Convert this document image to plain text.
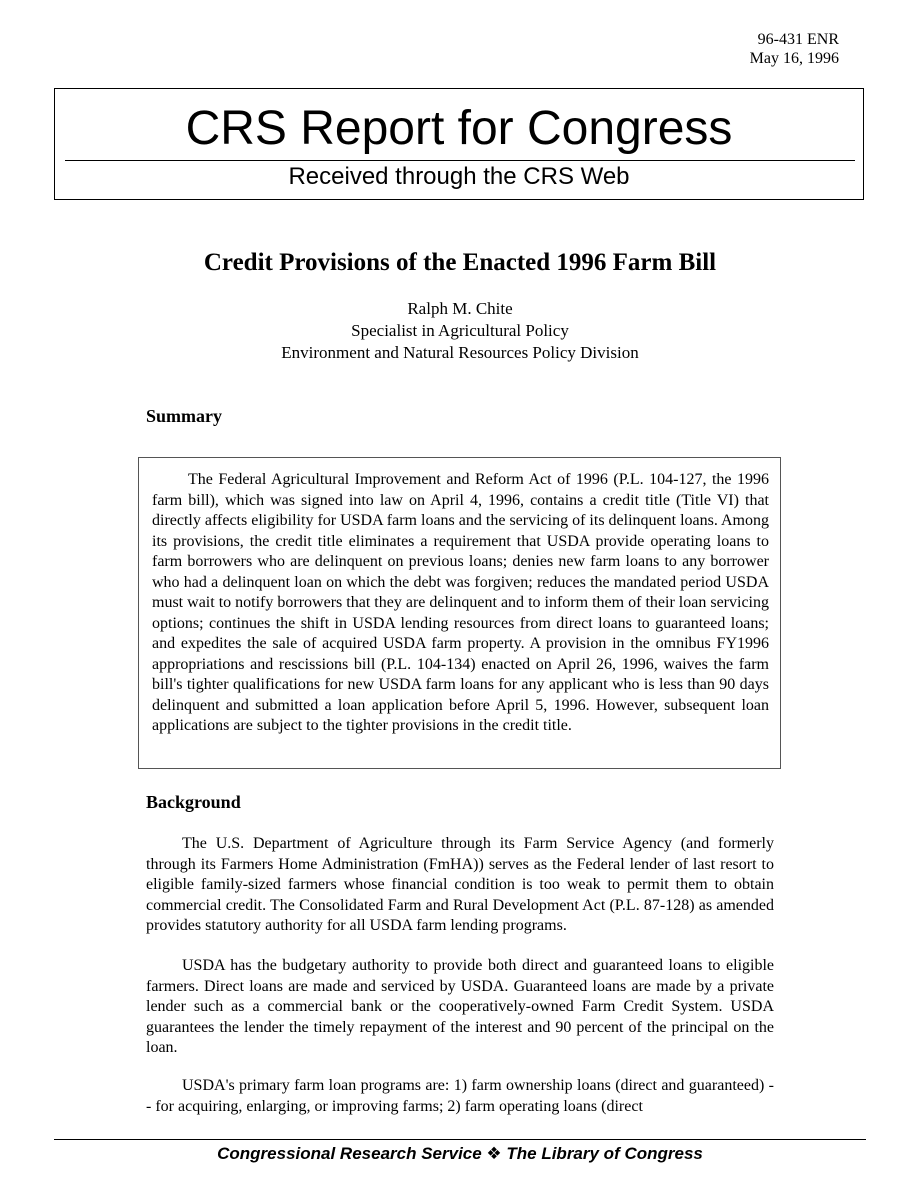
96-431 ENR
May 16, 1996
CRS Report for Congress
Received through the CRS Web
Credit Provisions of the Enacted 1996 Farm Bill
Ralph M. Chite
Specialist in Agricultural Policy
Environment and Natural Resources Policy Division
Summary

The Federal Agricultural Improvement and Reform Act of 1996 (P.L. 104-127, the 1996 farm bill), which was signed into law on April 4, 1996, contains a credit title (Title VI) that directly affects eligibility for USDA farm loans and the servicing of its delinquent loans. Among its provisions, the credit title eliminates a requirement that USDA provide operating loans to farm borrowers who are delinquent on previous loans; denies new farm loans to any borrower who had a delinquent loan on which the debt was forgiven; reduces the mandated period USDA must wait to notify borrowers that they are delinquent and to inform them of their loan servicing options; continues the shift in USDA lending resources from direct loans to guaranteed loans; and expedites the sale of acquired USDA farm property. A provision in the omnibus FY1996 appropriations and rescissions bill (P.L. 104-134) enacted on April 26, 1996, waives the farm bill's tighter qualifications for new USDA farm loans for any applicant who is less than 90 days delinquent and submitted a loan application before April 5, 1996. However, subsequent loan applications are subject to the tighter provisions in the credit title.

Background

The U.S. Department of Agriculture through its Farm Service Agency (and formerly through its Farmers Home Administration (FmHA)) serves as the Federal lender of last resort to eligible family-sized farmers whose financial condition is too weak to permit them to obtain commercial credit. The Consolidated Farm and Rural Development Act (P.L. 87-128) as amended provides statutory authority for all USDA farm lending programs.

USDA has the budgetary authority to provide both direct and guaranteed loans to eligible farmers. Direct loans are made and serviced by USDA. Guaranteed loans are made by a private lender such as a commercial bank or the cooperatively-owned Farm Credit System. USDA guarantees the lender the timely repayment of the interest and 90 percent of the principal on the loan.

USDA's primary farm loan programs are: 1) farm ownership loans (direct and guaranteed) -- for acquiring, enlarging, or improving farms; 2) farm operating loans (direct

Congressional Research Service ❖ The Library of Congress
